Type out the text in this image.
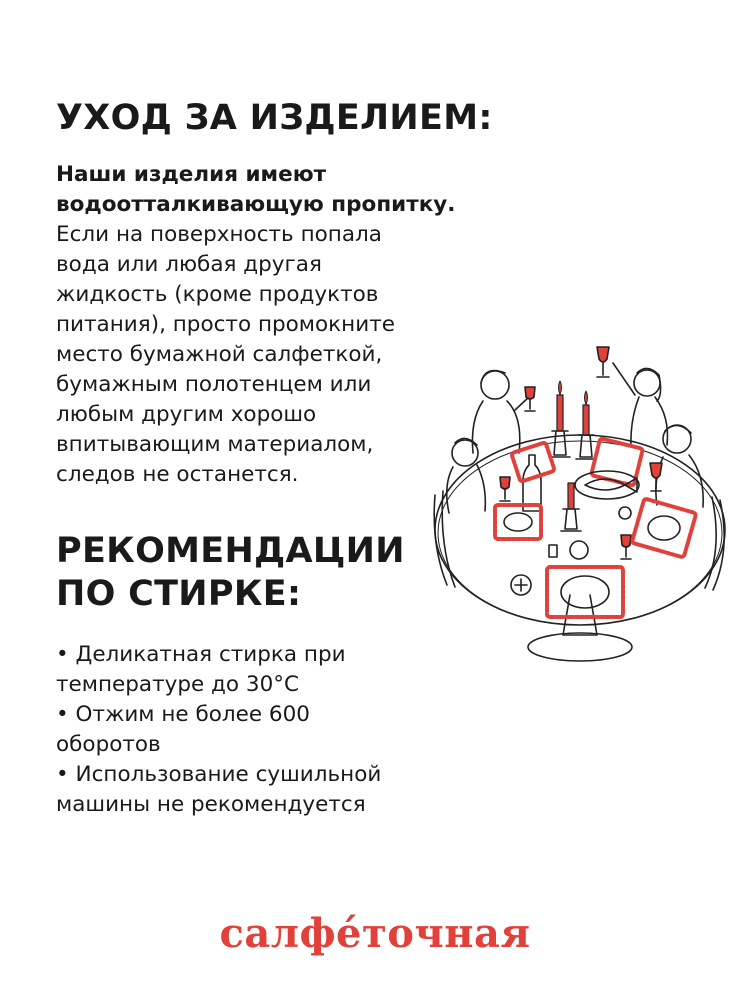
УХОД ЗА ИЗДЕЛИЕМ:
Наши изделия имеют
водоотталкивающую пропитку.
Если на поверхность попала
вода или любая другая
жидкость (кроме продуктов
питания), просто промокните
место бумажной салфеткой,
бумажным полотенцем или
любым другим хорошо
впитывающим материалом,
следов не останется.
РЕКОМЕНДАЦИИ
ПО СТИРКЕ:
• Деликатная стирка при
температуре до 30°C
• Отжим не более 600
оборотов
• Использование сушильной
машины не рекомендуется
салфе́точная
